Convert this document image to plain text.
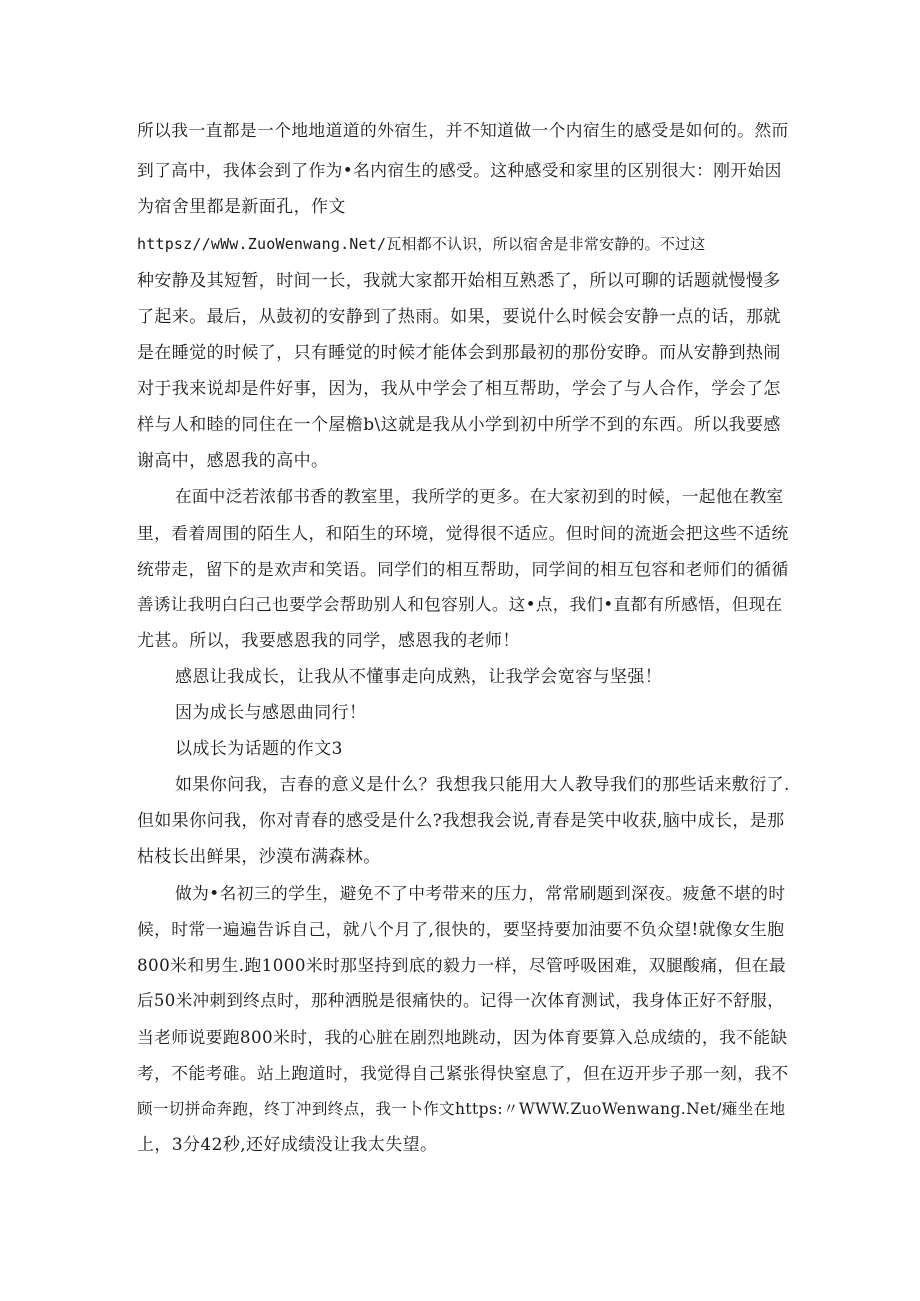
所以我一直都是一个地地道道的外宿生，并不知道做一个内宿生的感受是如何的。然而
到了高中，我体会到了作为•名内宿生的感受。这种感受和家里的区别很大：刚开始因
为宿舍里都是新面孔，作文
httpsz∕∕wWw.ZuoWenwang.Net/瓦相都不认识，所以宿舍是非常安静的。不过这
种安静及其短暂，时间一长，我就大家都开始相互熟悉了，所以可聊的话题就慢慢多
了起来。最后，从鼓初的安静到了热雨。如果，要说什么时候会安静一点的话，那就
是在睡觉的时候了，只有睡觉的时候才能体会到那最初的那份安睁。而从安静到热闹
对于我来说却是件好事，因为，我从中学会了相互帮助，学会了与人合作，学会了怎
样与人和睦的同住在一个屋檐b\这就是我从小学到初中所学不到的东西。所以我要感
谢高中，感恩我的高中。
在面中泛若浓郁书香的教室里，我所学的更多。在大家初到的时候，一起他在教室
里，看着周围的陌生人，和陌生的环境，觉得很不适应。但时间的流逝会把这些不适统
统带走，留下的是欢声和笑语。同学们的相互帮助，同学间的相互包容和老师们的循循
善诱让我明白臼己也要学会帮助别人和包容别人。这•点，我们•直都有所感悟，但现在
尤甚。所以，我要感恩我的同学，感恩我的老师！
感恩让我成长，让我从不懂事走向成熟，让我学会宽容与坚强！
因为成长与感恩曲同行！
以成长为话题的作文3
如果你问我，吉春的意义是什么？我想我只能用大人教导我们的那些话来敷衍了.
但如果你问我，你对青春的感受是什么?我想我会说,青春是笑中收获,脑中成长，是那
枯枝长出鲜果，沙漠布满森林。
做为•名初三的学生，避免不了中考带来的压力，常常刷题到深夜。疲惫不堪的时
候，时常一遍遍告诉自己，就八个月了,很快的，要坚持要加油要不负众望!就像女生胞
800米和男生.跑1000米时那坚持到底的毅力一样，尽管呼吸困难，双腿酸痛，但在最
后50米冲刺到终点时，那种洒脱是很痛快的。记得一次体育测试，我身体正好不舒服，
当老师说要跑800米时，我的心脏在剧烈地跳动，因为体育要算入总成绩的，我不能缺
考，不能考碓。站上跑道时，我觉得自己紧张得快窒息了，但在迈开步子那一刻，我不
顾一切拼命奔跑，终丁冲到终点，我一卜作文https:〃WWW.ZuoWenwang.Net/瘫坐在地
上，3分42秒,还好成绩没让我太失望。
